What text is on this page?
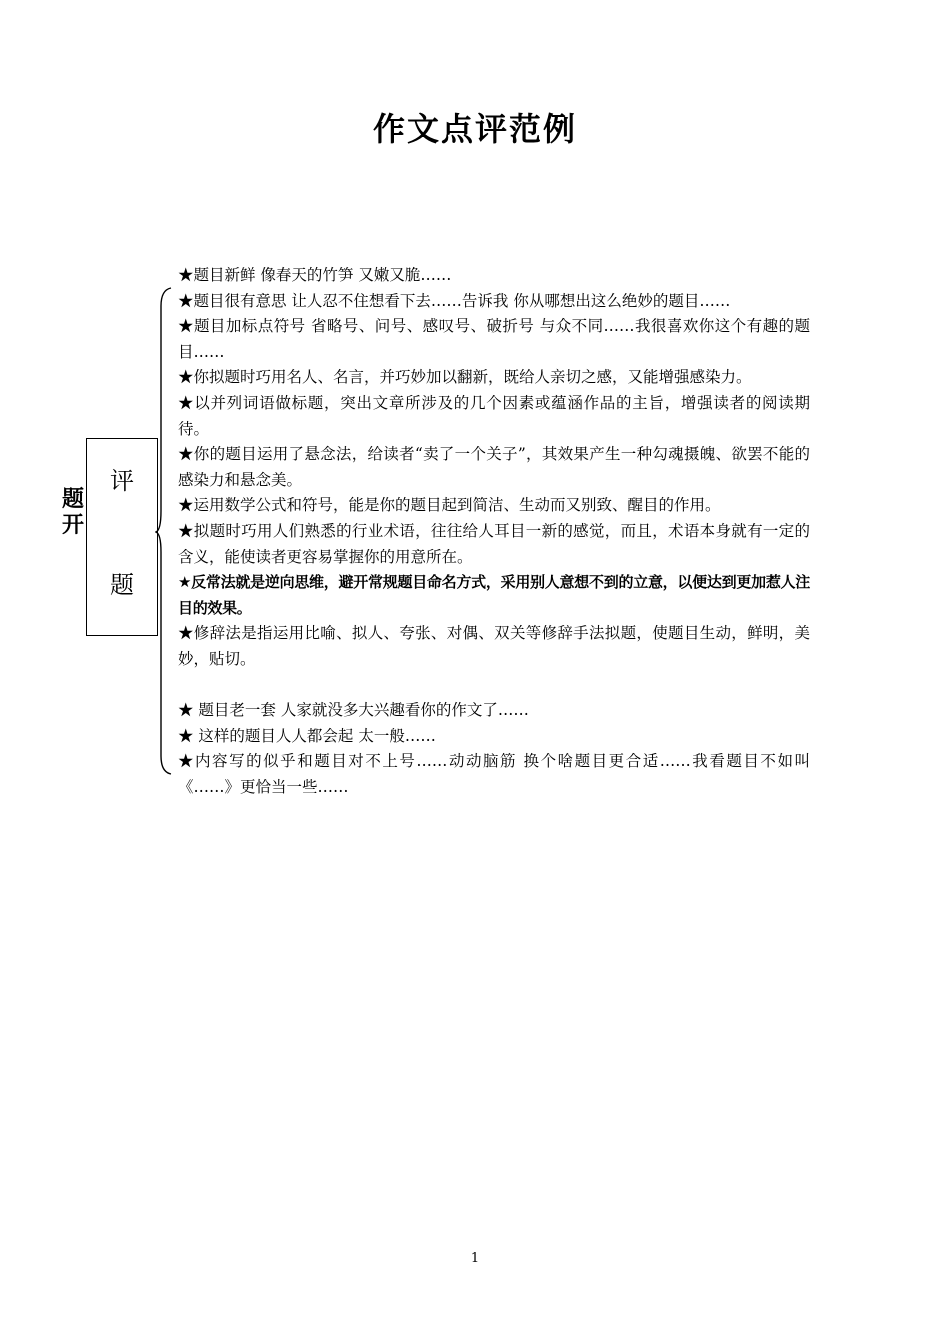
作文点评范例
题
开
评
题

★题目新鲜 像春天的竹笋 又嫩又脆……

★题目很有意思 让人忍不住想看下去……告诉我 你从哪想出这么绝妙的题目……

★题目加标点符号 省略号、问号、感叹号、破折号 与众不同……我很喜欢你这个有趣的题目……

★你拟题时巧用名人、名言，并巧妙加以翻新，既给人亲切之感，又能增强感染力。

★以并列词语做标题，突出文章所涉及的几个因素或蕴涵作品的主旨，增强读者的阅读期待。

★你的题目运用了悬念法，给读者“卖了一个关子”，其效果产生一种勾魂摄魄、欲罢不能的感染力和悬念美。

★运用数学公式和符号，能是你的题目起到简洁、生动而又别致、醒目的作用。

★拟题时巧用人们熟悉的行业术语，往往给人耳目一新的感觉，而且，术语本身就有一定的含义，能使读者更容易掌握你的用意所在。

★反常法就是逆向思维，避开常规题目命名方式，采用别人意想不到的立意，以便达到更加惹人注目的效果。

★修辞法是指运用比喻、拟人、夸张、对偶、双关等修辞手法拟题，使题目生动，鲜明，美妙，贴切。

★ 题目老一套 人家就没多大兴趣看你的作文了……

★ 这样的题目人人都会起 太一般……

★内容写的似乎和题目对不上号……动动脑筋 换个啥题目更合适……我看题目不如叫《……》更恰当一些……

1
